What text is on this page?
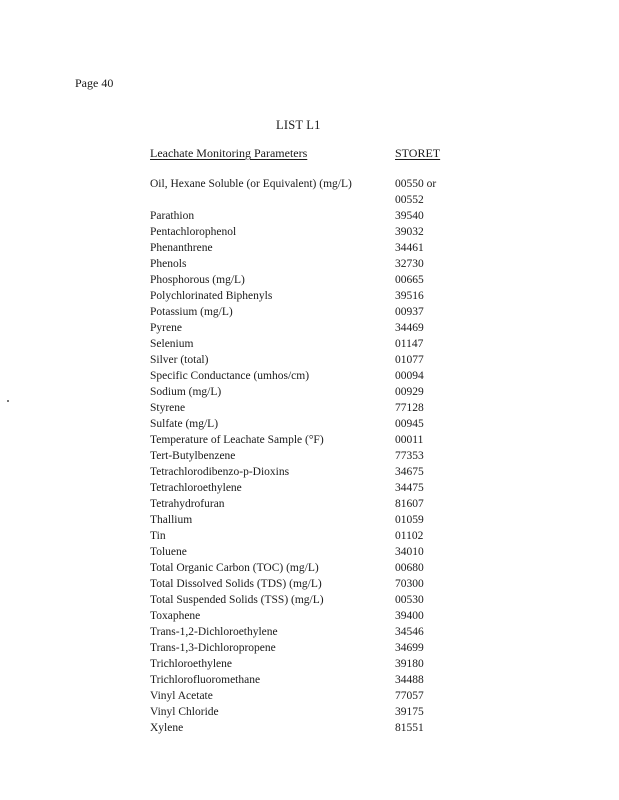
Page 40
LIST L1
Leachate Monitoring Parameters	STORET
Oil, Hexane Soluble (or Equivalent) (mg/L)	00550 or
00552

Parathion	39540

Pentachlorophenol	39032

Phenanthrene	34461

Phenols	32730

Phosphorous (mg/L)	00665

Polychlorinated Biphenyls	39516

Potassium (mg/L)	00937

Pyrene	34469

Selenium	01147

Silver (total)	01077

Specific Conductance (umhos/cm)	00094

Sodium (mg/L)	00929

Styrene	77128

Sulfate (mg/L)	00945

Temperature of Leachate Sample (°F)	00011

Tert-Butylbenzene	77353

Tetrachlorodibenzo-p-Dioxins	34675

Tetrachloroethylene	34475

Tetrahydrofuran	81607

Thallium	01059

Tin	01102

Toluene	34010

Total Organic Carbon (TOC) (mg/L)	00680

Total Dissolved Solids (TDS) (mg/L)	70300

Total Suspended Solids (TSS) (mg/L)	00530

Toxaphene	39400

Trans-1,2-Dichloroethylene	34546

Trans-1,3-Dichloropropene	34699

Trichloroethylene	39180

Trichlorofluoromethane	34488

Vinyl Acetate	77057

Vinyl Chloride	39175

Xylene	81551
